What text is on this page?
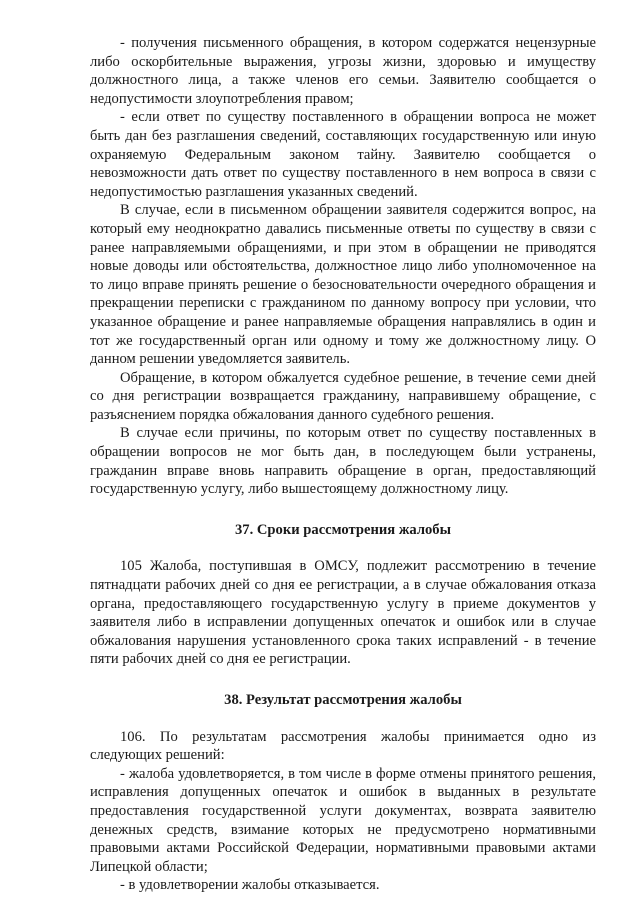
- получения письменного обращения, в котором содержатся нецензурные либо оскорбительные выражения, угрозы жизни, здоровью и имуществу должностного лица, а также членов его семьи. Заявителю сообщается о недопустимости злоупотребления правом;

- если ответ по существу поставленного в обращении вопроса не может быть дан без разглашения сведений, составляющих государственную или иную охраняемую Федеральным законом тайну. Заявителю сообщается о невозможности дать ответ по существу поставленного в нем вопроса в связи с недопустимостью разглашения указанных сведений.

В случае, если в письменном обращении заявителя содержится вопрос, на который ему неоднократно давались письменные ответы по существу в связи с ранее направляемыми обращениями, и при этом в обращении не приводятся новые доводы или обстоятельства, должностное лицо либо уполномоченное на то лицо вправе принять решение о безосновательности очередного обращения и прекращении переписки с гражданином по данному вопросу при условии, что указанное обращение и ранее направляемые обращения направлялись в один и тот же государственный орган или одному и тому же должностному лицу. О данном решении уведомляется заявитель.

Обращение, в котором обжалуется судебное решение, в течение семи дней со дня регистрации возвращается гражданину, направившему обращение, с разъяснением порядка обжалования данного судебного решения.

В случае если причины, по которым ответ по существу поставленных в обращении вопросов не мог быть дан, в последующем были устранены, гражданин вправе вновь направить обращение в орган, предоставляющий государственную услугу, либо вышестоящему должностному лицу.

37. Сроки рассмотрения жалобы

105 Жалоба, поступившая в ОМСУ, подлежит рассмотрению в течение пятнадцати рабочих дней со дня ее регистрации, а в случае обжалования отказа органа, предоставляющего государственную услугу в приеме документов у заявителя либо в исправлении допущенных опечаток и ошибок или в случае обжалования нарушения установленного срока таких исправлений - в течение пяти рабочих дней со дня ее регистрации.

38. Результат рассмотрения жалобы

106. По результатам рассмотрения жалобы принимается одно из следующих решений:

- жалоба удовлетворяется, в том числе в форме отмены принятого решения, исправления допущенных опечаток и ошибок в выданных в результате предоставления государственной услуги документах, возврата заявителю денежных средств, взимание которых не предусмотрено нормативными правовыми актами Российской Федерации, нормативными правовыми актами Липецкой области;

- в удовлетворении жалобы отказывается.
